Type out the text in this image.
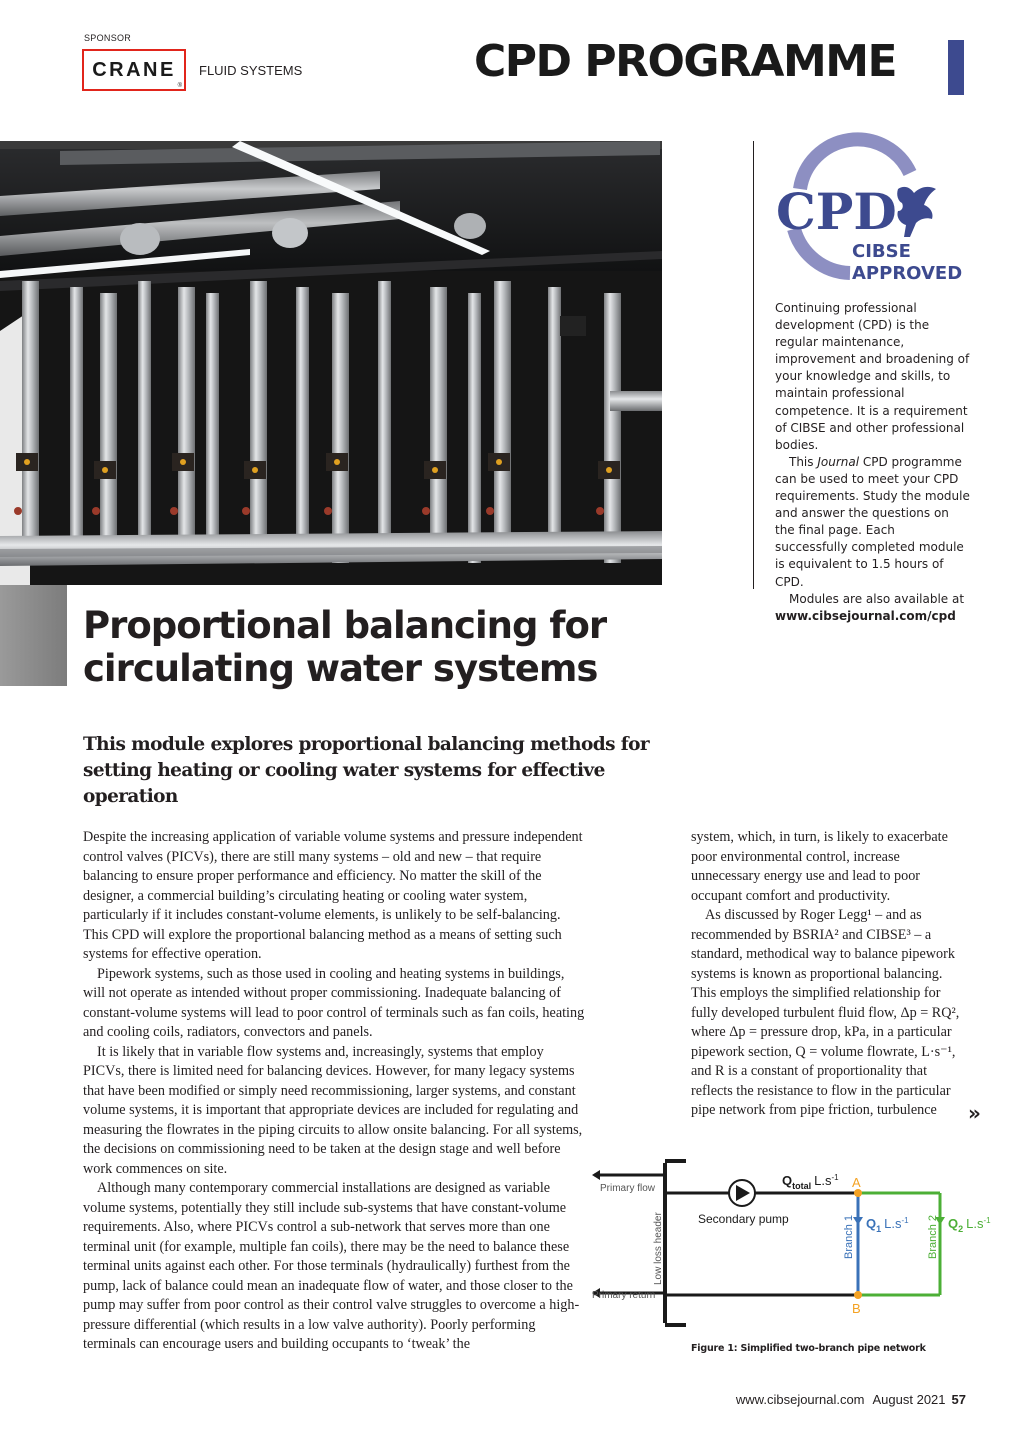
SPONSOR
CRANE
®
FLUID SYSTEMS	CPD PROGRAMME
CPD
CIBSE
APPROVED

Continuing professional development (CPD) is the regular maintenance, improvement and broadening of your knowledge and skills, to maintain professional competence. It is a requirement of CIBSE and other professional bodies.

This Journal CPD programme can be used to meet your CPD requirements. Study the module and answer the questions on the final page. Each successfully completed module is equivalent to 1.5 hours of CPD.

Modules are also available at

www.cibsejournal.com/cpd

Proportional balancing for
circulating water systems
This module explores proportional balancing methods for
setting heating or cooling water systems for effective operation

Despite the increasing application of variable volume systems and pressure independent control valves (PICVs), there are still many systems – old and new – that require balancing to ensure proper performance and efficiency. No matter the skill of the designer, a commercial building’s circulating heating or cooling water system, particularly if it includes constant-volume elements, is unlikely to be self-balancing. This CPD will explore the proportional balancing method as a means of setting such systems for effective operation.

Pipework systems, such as those used in cooling and heating systems in buildings, will not operate as intended without proper commissioning. Inadequate balancing of constant-volume systems will lead to poor control of terminals such as fan coils, heating and cooling coils, radiators, convectors and panels.

It is likely that in variable flow systems and, increasingly, systems that employ PICVs, there is limited need for balancing devices. However, for many legacy systems that have been modified or simply need recommissioning, larger systems, and constant volume systems, it is important that appropriate devices are included for regulating and measuring the flowrates in the piping circuits to allow onsite balancing. For all systems, the decisions on commissioning need to be taken at the design stage and well before work commences on site.

Although many contemporary commercial installations are designed as variable volume systems, potentially they still include sub-systems that have constant-volume requirements. Also, where PICVs control a sub-network that serves more than one terminal unit (for example, multiple fan coils), there may be the need to balance these terminal units against each other. For those terminals (hydraulically) furthest from the pump, lack of balance could mean an inadequate flow of water, and those closer to the pump may suffer from poor control as their control valve struggles to overcome a high-pressure differential (which results in a low valve authority). Poorly performing terminals can encourage users and building occupants to ‘tweak’ the

system, which, in turn, is likely to exacerbate poor environmental control, increase unnecessary energy use and lead to poor occupant comfort and productivity.

As discussed by Roger Legg¹ – and as recommended by BSRIA² and CIBSE³ – a standard, methodical way to balance pipework systems is known as proportional balancing. This employs the simplified relationship for fully developed turbulent fluid flow, Δp = RQ², where Δp = pressure drop, kPa, in a particular pipework section, Q = volume flowrate, L·s⁻¹, and R is a constant of proportionality that reflects the resistance to flow in the particular pipe network from pipe friction, turbulence	»
Primary flow
Primary return
Low loss header	Secondary pump
$Q_{total}$ $L.s^{-1}$ A
B
Branch 1	Branch 2
$Q_1$ $L.s^{-1}$	$Q_2$ $L.s^{-1}$
Figure 1: Simplified two-branch pipe network
www.cibsejournal.com August 2021 57
